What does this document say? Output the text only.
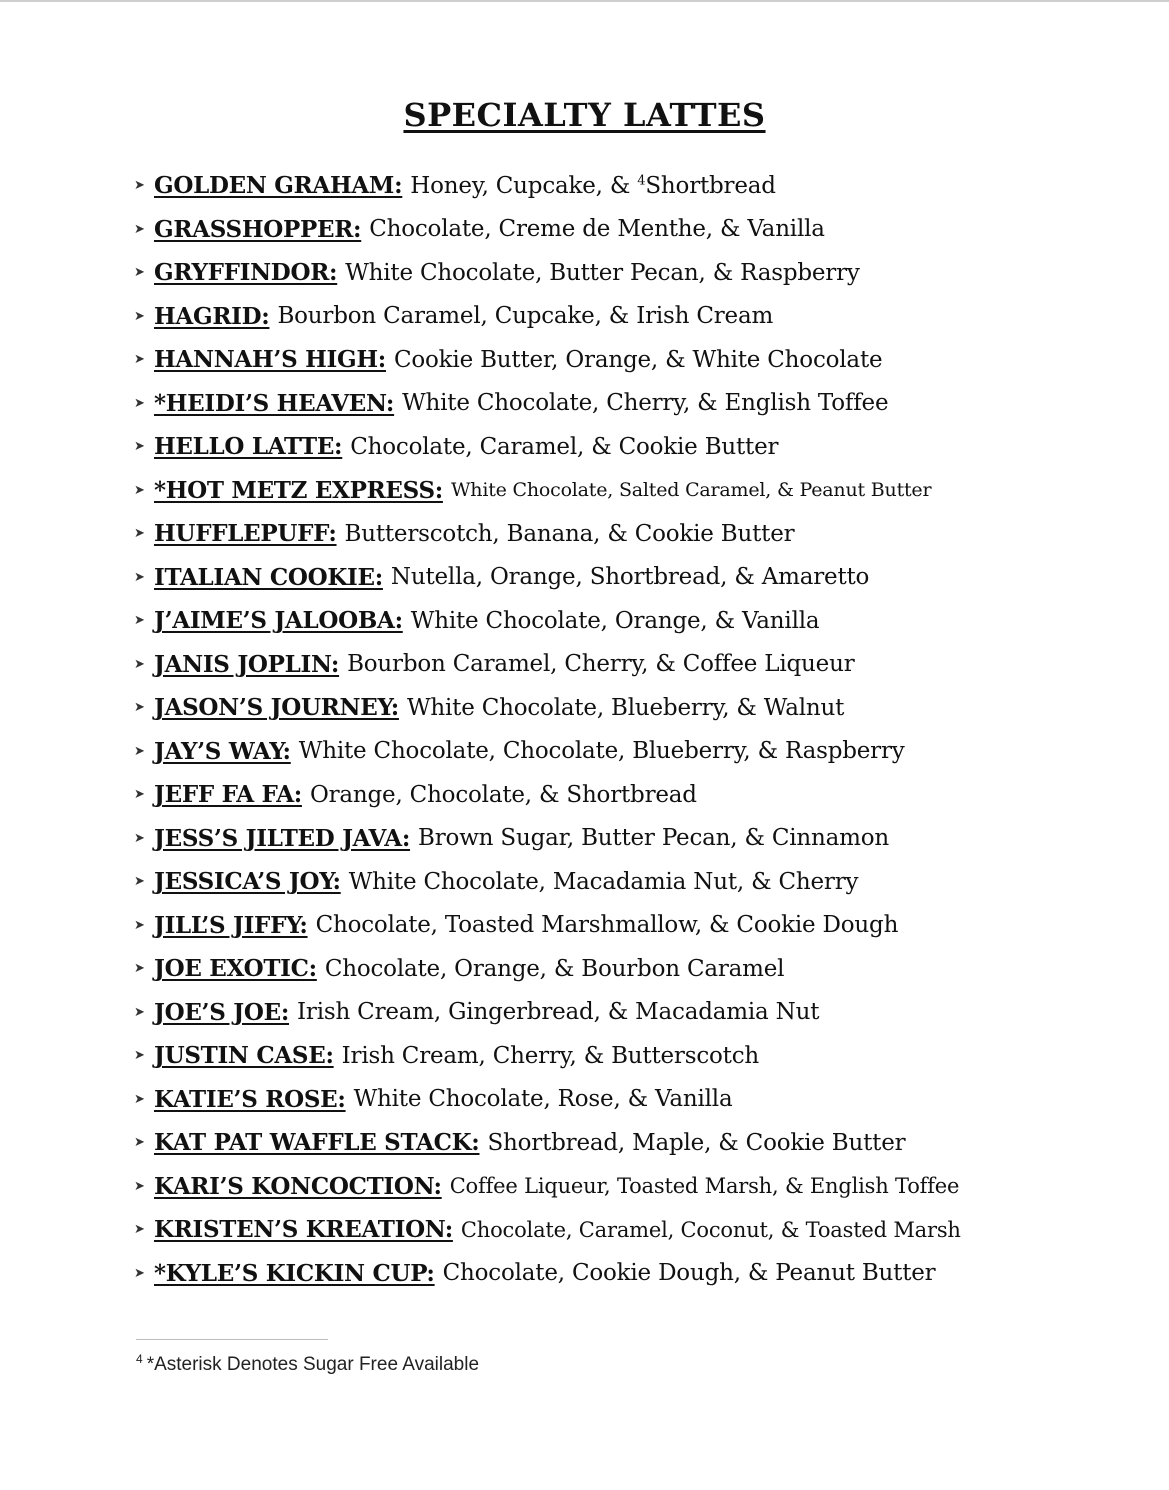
SPECIALTY LATTES
➤ GOLDEN GRAHAM: Honey, Cupcake, & $^4$Shortbread
➤ GRASSHOPPER: Chocolate, Creme de Menthe, & Vanilla
➤ GRYFFINDOR: White Chocolate, Butter Pecan, & Raspberry
➤ HAGRID: Bourbon Caramel, Cupcake, & Irish Cream
➤ HANNAH’S HIGH: Cookie Butter, Orange, & White Chocolate
➤ *HEIDI’S HEAVEN: White Chocolate, Cherry, & English Toffee
➤ HELLO LATTE: Chocolate, Caramel, & Cookie Butter
➤ *HOT METZ EXPRESS: White Chocolate, Salted Caramel, & Peanut Butter
➤ HUFFLEPUFF: Butterscotch, Banana, & Cookie Butter
➤ ITALIAN COOKIE: Nutella, Orange, Shortbread, & Amaretto
➤ J’AIME’S JALOOBA: White Chocolate, Orange, & Vanilla
➤ JANIS JOPLIN: Bourbon Caramel, Cherry, & Coffee Liqueur
➤ JASON’S JOURNEY: White Chocolate, Blueberry, & Walnut
➤ JAY’S WAY: White Chocolate, Chocolate, Blueberry, & Raspberry
➤ JEFF FA FA: Orange, Chocolate, & Shortbread
➤ JESS’S JILTED JAVA: Brown Sugar, Butter Pecan, & Cinnamon
➤ JESSICA’S JOY: White Chocolate, Macadamia Nut, & Cherry
➤ JILL’S JIFFY: Chocolate, Toasted Marshmallow, & Cookie Dough
➤ JOE EXOTIC: Chocolate, Orange, & Bourbon Caramel
➤ JOE’S JOE: Irish Cream, Gingerbread, & Macadamia Nut
➤ JUSTIN CASE: Irish Cream, Cherry, & Butterscotch
➤ KATIE’S ROSE: White Chocolate, Rose, & Vanilla
➤ KAT PAT WAFFLE STACK: Shortbread, Maple, & Cookie Butter
➤ KARI’S KONCOCTION: Coffee Liqueur, Toasted Marsh, & English Toffee
➤ KRISTEN’S KREATION: Chocolate, Caramel, Coconut, & Toasted Marsh
➤ *KYLE’S KICKIN CUP: Chocolate, Cookie Dough, & Peanut Butter
$^4$ *Asterisk Denotes Sugar Free Available
